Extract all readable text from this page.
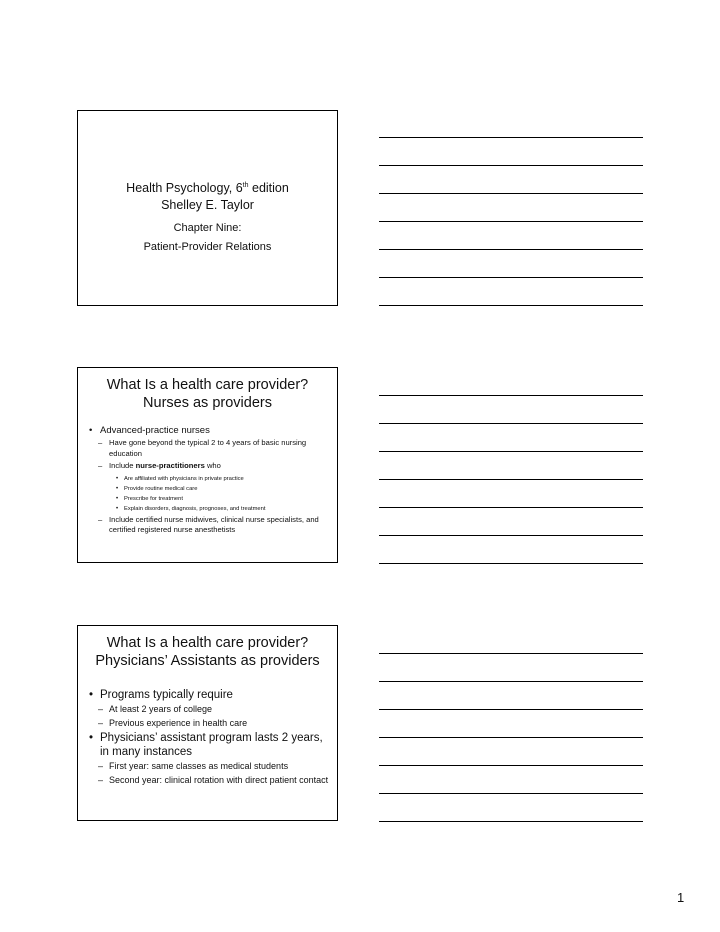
Health Psychology, 6th edition
Shelley E. Taylor
Chapter Nine:
Patient-Provider Relations
What Is a health care provider?
Nurses as providers
• Advanced-practice nurses
– Have gone beyond the typical 2 to 4 years of basic nursing education
– Include nurse-practitioners who
• Are affiliated with physicians in private practice
• Provide routine medical care
• Prescribe for treatment
• Explain disorders, diagnosis, prognoses, and treatment
– Include certified nurse midwives, clinical nurse specialists, and certified registered nurse anesthetists
What Is a health care provider?
Physicians’ Assistants as providers
• Programs typically require
– At least 2 years of college
– Previous experience in health care
• Physicians’ assistant program lasts 2 years, in many instances
– First year: same classes as medical students
– Second year: clinical rotation with direct patient contact
1
